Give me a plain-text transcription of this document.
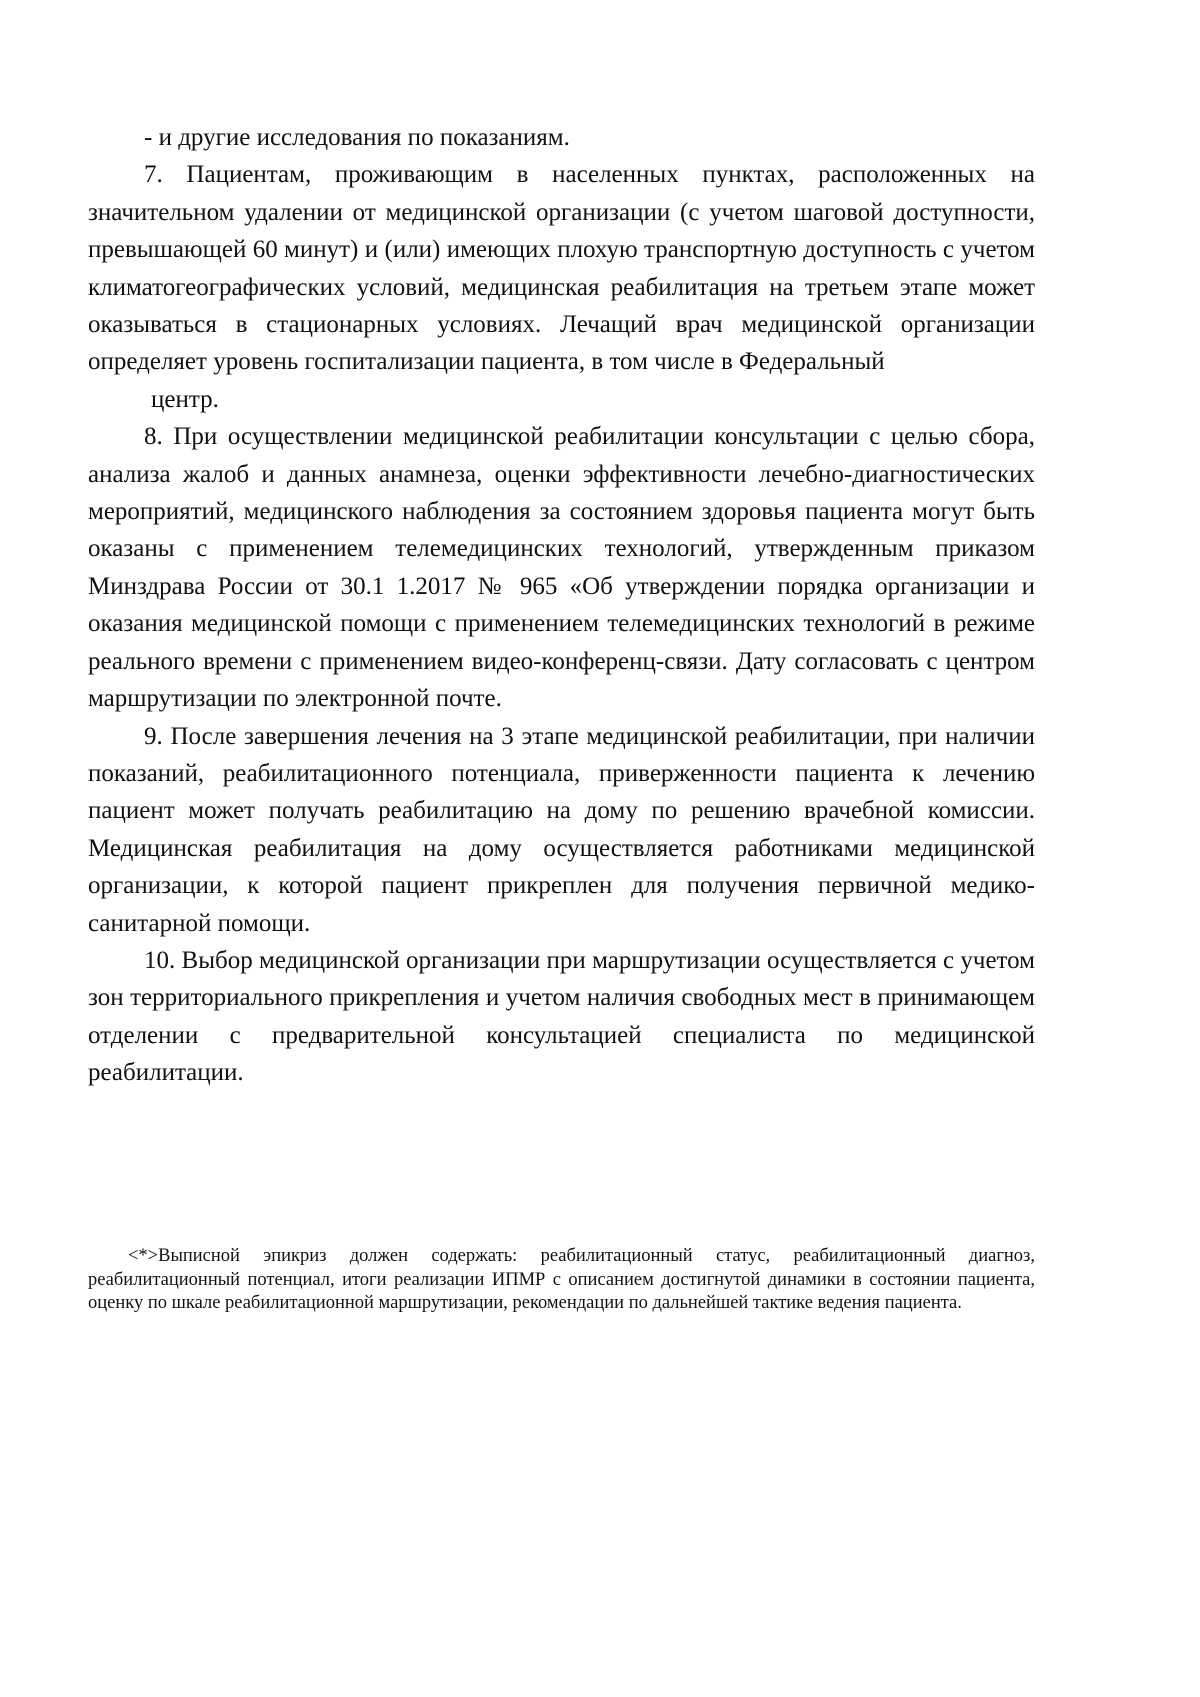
- и другие исследования по показаниям.

7. Пациентам, проживающим в населенных пунктах, расположенных на значительном удалении от медицинской организации (с учетом шаговой доступности, превышающей 60 минут) и (или) имеющих плохую транспортную доступность с учетом климатогеографических условий, медицинская реабилитация на третьем этапе может оказываться в стационарных условиях. Лечащий врач медицинской организации определяет уровень госпитализации пациента, в том числе в Федеральный

центр.

8. При осуществлении медицинской реабилитации консультации с целью сбора, анализа жалоб и данных анамнеза, оценки эффективности лечебно-диагностических мероприятий, медицинского наблюдения за состоянием здоровья пациента могут быть оказаны с применением телемедицинских технологий, утвержденным приказом Минздрава России от 30.1 1.2017 № 965 «Об утверждении порядка организации и оказания медицинской помощи с применением телемедицинских технологий в режиме реального времени с применением видео-конференц-связи. Дату согласовать с центром маршрутизации по электронной почте.

9. После завершения лечения на 3 этапе медицинской реабилитации, при наличии показаний, реабилитационного потенциала, приверженности пациента к лечению пациент может получать реабилитацию на дому по решению врачебной комиссии. Медицинская реабилитация на дому осуществляется работниками медицинской организации, к которой пациент прикреплен для получения первичной медико-санитарной помощи.

10. Выбор медицинской организации при маршрутизации осуществляется с учетом зон территориального прикрепления и учетом наличия свободных мест в принимающем отделении с предварительной консультацией специалиста по медицинской реабилитации.

<*>Выписной эпикриз должен содержать: реабилитационный статус, реабилитационный диагноз, реабилитационный потенциал, итоги реализации ИПМР с описанием достигнутой динамики в состоянии пациента, оценку по шкале реабилитационной маршрутизации, рекомендации по дальнейшей тактике ведения пациента.
